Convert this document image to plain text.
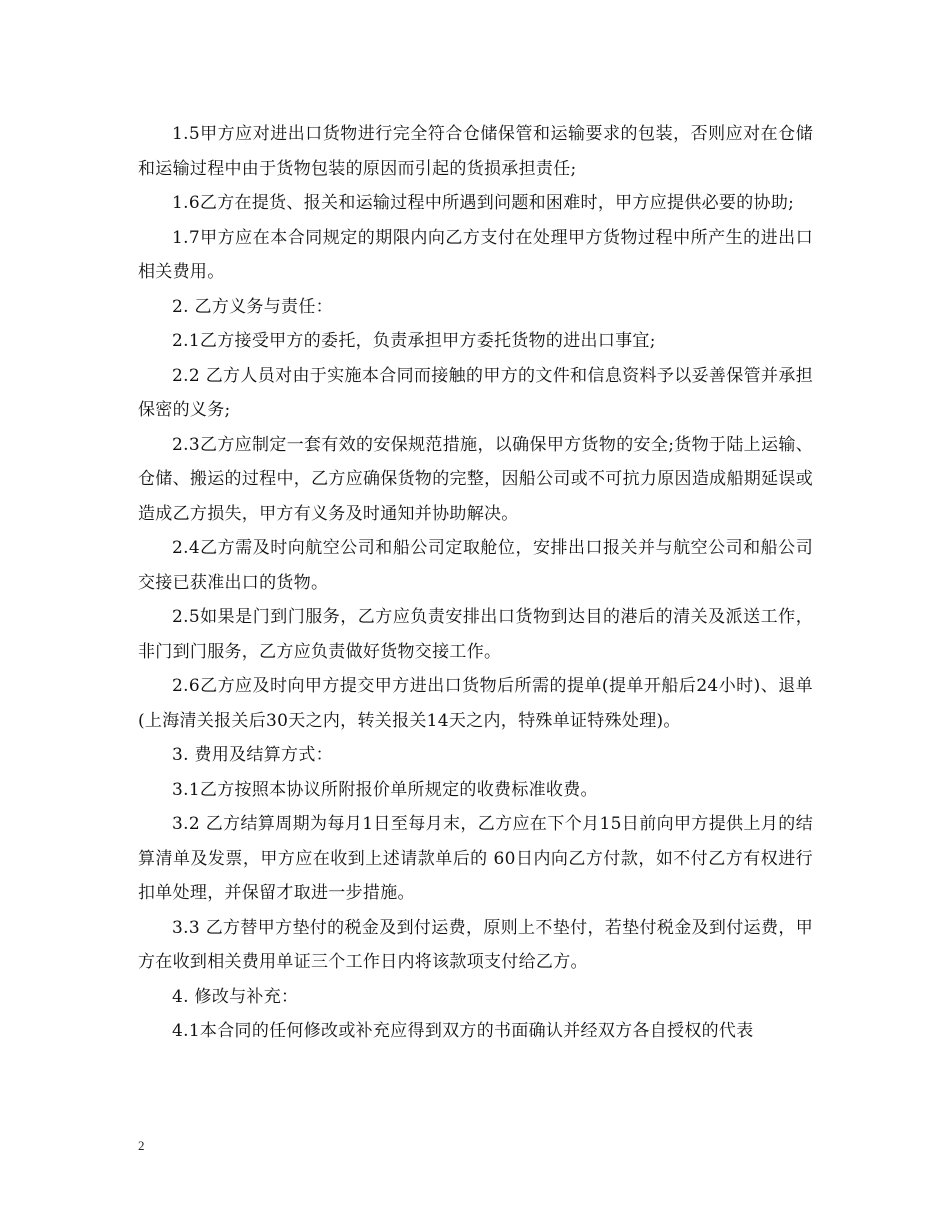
1.5甲方应对进出口货物进行完全符合仓储保管和运输要求的包装，否则应对在仓储和运输过程中由于货物包装的原因而引起的货损承担责任;

1.6乙方在提货、报关和运输过程中所遇到问题和困难时，甲方应提供必要的协助;

1.7甲方应在本合同规定的期限内向乙方支付在处理甲方货物过程中所产生的进出口相关费用。

2. 乙方义务与责任：

2.1乙方接受甲方的委托，负责承担甲方委托货物的进出口事宜;

2.2 乙方人员对由于实施本合同而接触的甲方的文件和信息资料予以妥善保管并承担保密的义务;

2.3乙方应制定一套有效的安保规范措施，以确保甲方货物的安全;货物于陆上运输、仓储、搬运的过程中，乙方应确保货物的完整，因船公司或不可抗力原因造成船期延误或造成乙方损失，甲方有义务及时通知并协助解决。

2.4乙方需及时向航空公司和船公司定取舱位，安排出口报关并与航空公司和船公司交接已获准出口的货物。

2.5如果是门到门服务，乙方应负责安排出口货物到达目的港后的清关及派送工作，非门到门服务，乙方应负责做好货物交接工作。

2.6乙方应及时向甲方提交甲方进出口货物后所需的提单(提单开船后24小时)、退单(上海清关报关后30天之内，转关报关14天之内，特殊单证特殊处理)。

3. 费用及结算方式：

3.1乙方按照本协议所附报价单所规定的收费标准收费。

3.2 乙方结算周期为每月1日至每月末，乙方应在下个月15日前向甲方提供上月的结算清单及发票，甲方应在收到上述请款单后的 60日内向乙方付款，如不付乙方有权进行扣单处理，并保留才取进一步措施。

3.3 乙方替甲方垫付的税金及到付运费，原则上不垫付，若垫付税金及到付运费，甲方在收到相关费用单证三个工作日内将该款项支付给乙方。

4. 修改与补充：

4.1本合同的任何修改或补充应得到双方的书面确认并经双方各自授权的代表

2
